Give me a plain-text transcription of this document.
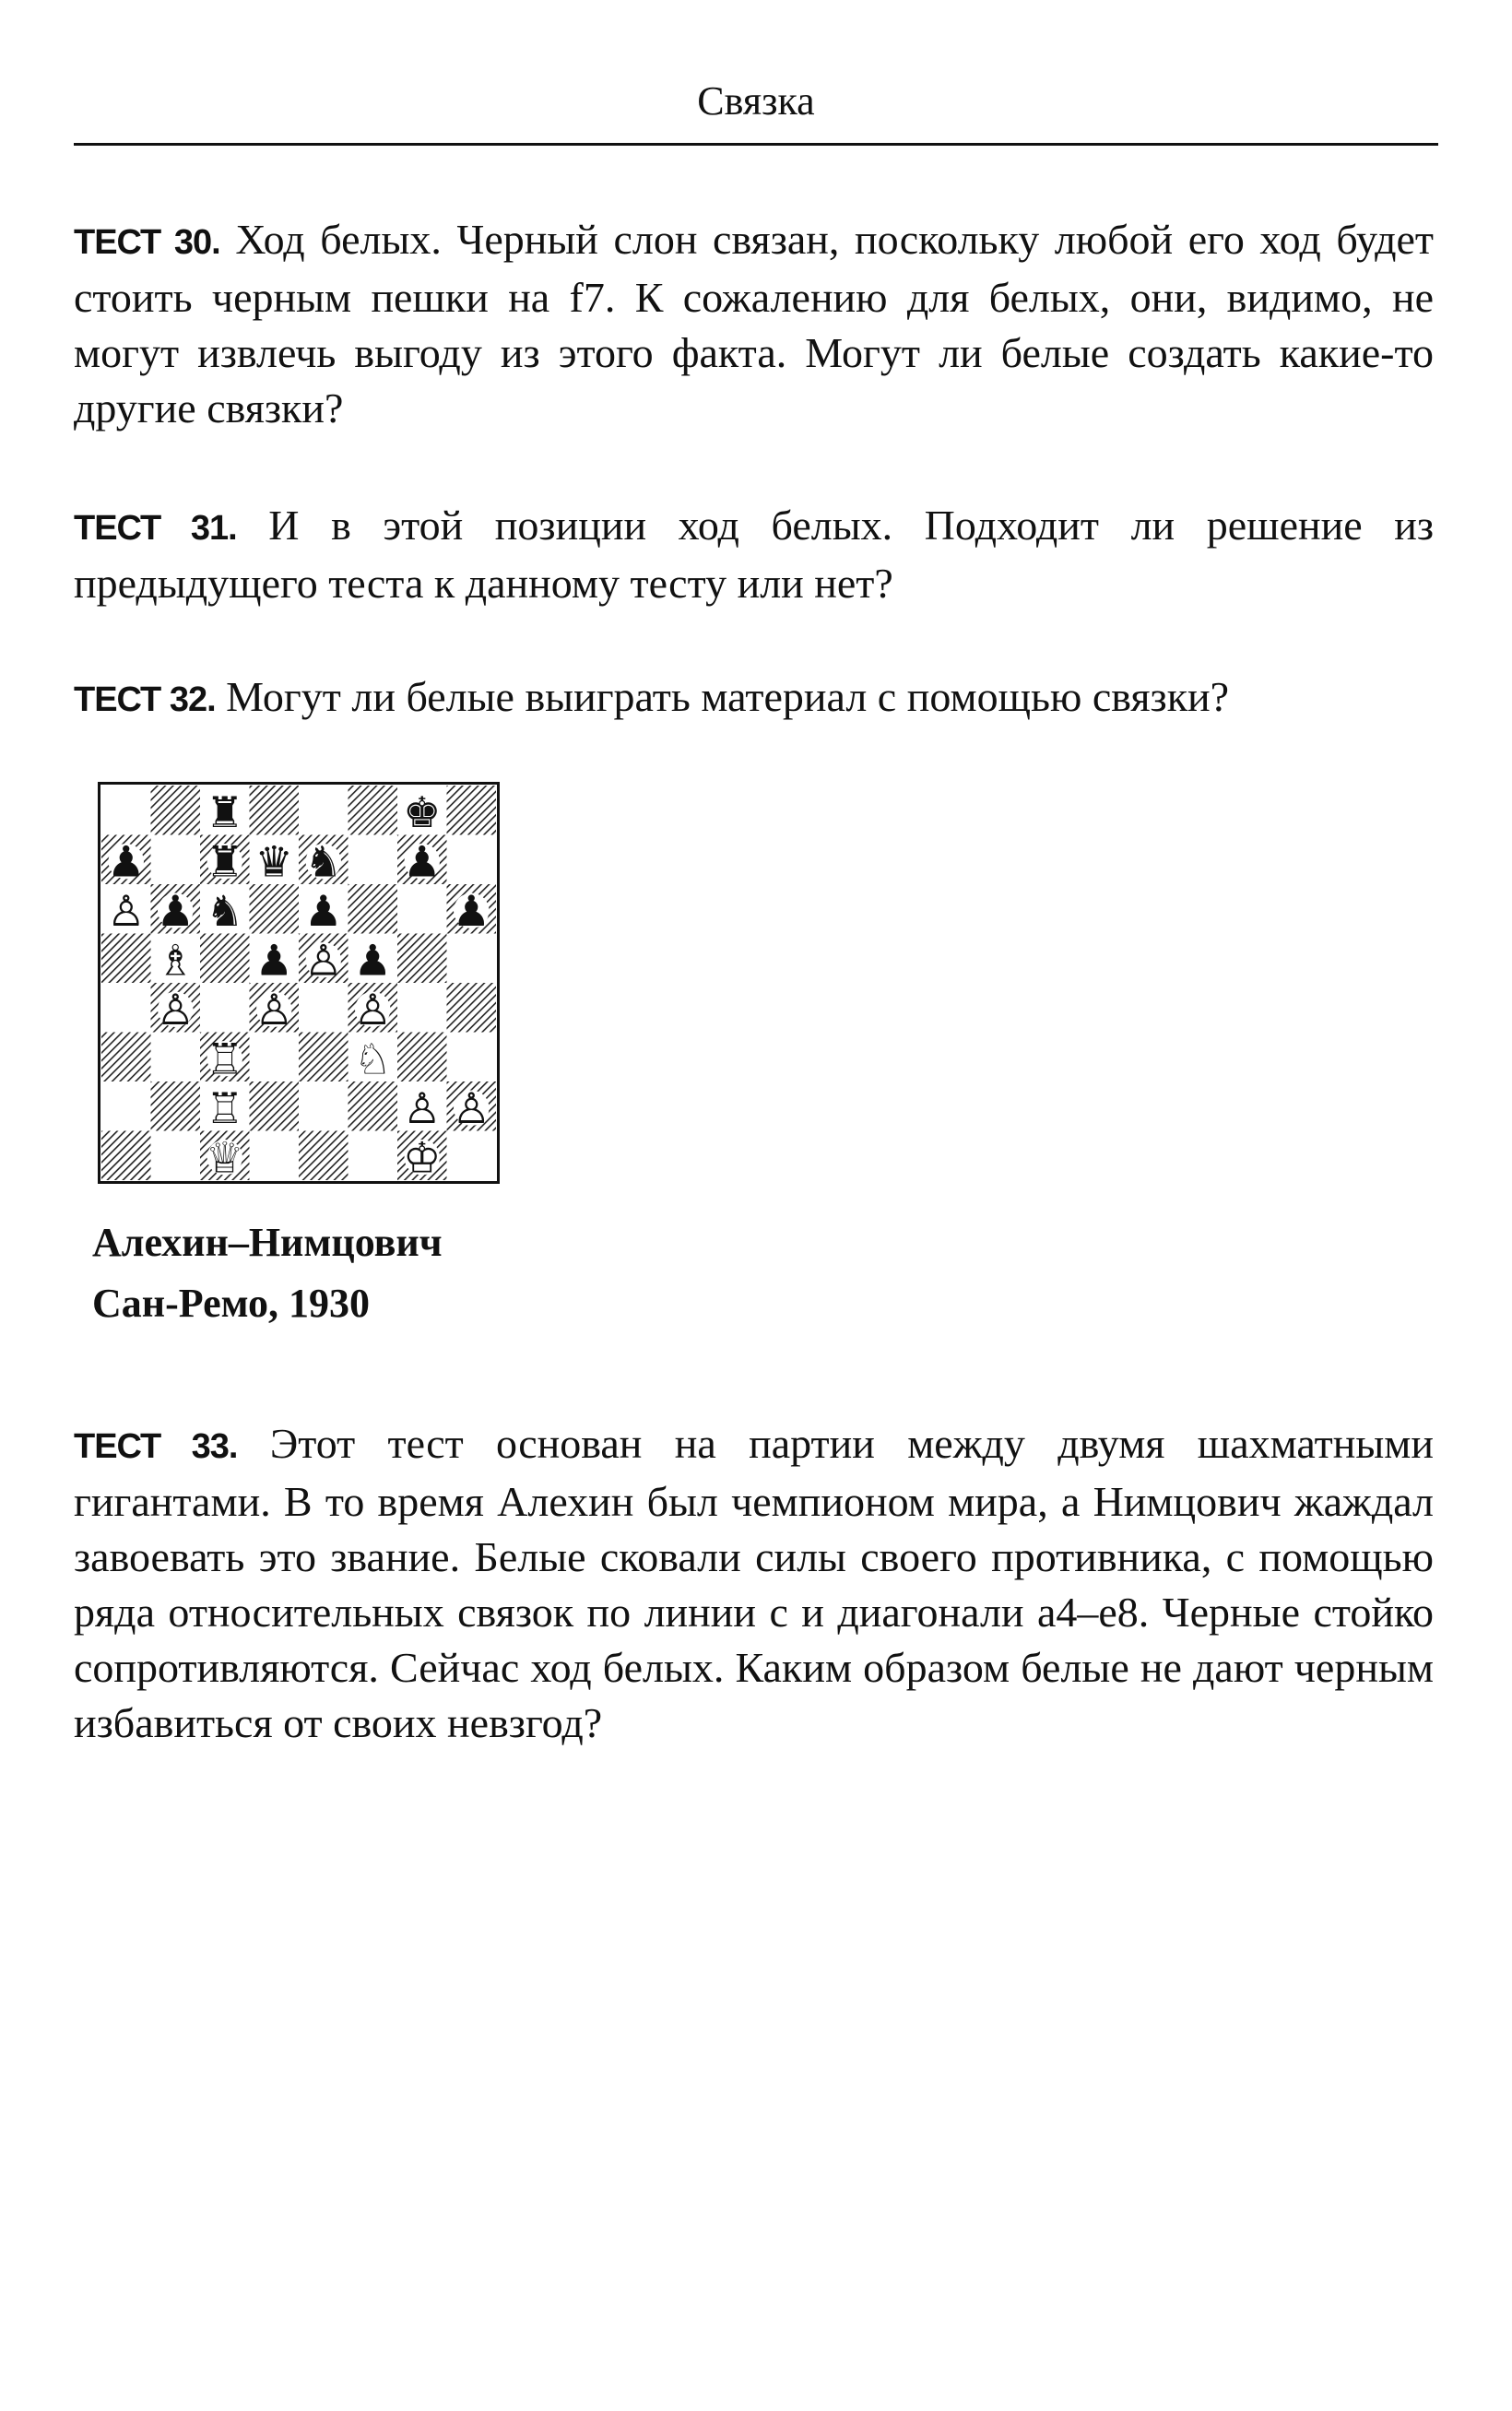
Связка

ТЕСТ 30. Ход белых. Черный слон связан, поскольку любой его ход будет стоить черным пешки на f7. К сожалению для белых, они, видимо, не могут извлечь выгоду из этого факта. Могут ли белые создать какие-то другие связки?

ТЕСТ 31. И в этой позиции ход белых. Подходит ли решение из предыдущего теста к данному тесту или нет?

ТЕСТ 32. Могут ли белые выиграть материал с помощью связки?

♜	♚
♟ ♜ ♛ ♞ ♟
♙ ♟ ♞ ♟	♟
♗ ♟ ♙ ♟
♙ ♙ ♙
♖	♘
♖	♙ ♙
♕	♔
Алехин–Нимцович
Сан-Ремо, 1930

ТЕСТ 33. Этот тест основан на партии между двумя шахматными гигантами. В то время Алехин был чемпионом мира, а Нимцович жаждал завоевать это звание. Белые сковали силы своего противника, с помощью ряда относительных связок по линии с и диагонали a4–e8. Черные стойко сопротивляются. Сейчас ход белых. Каким образом белые не дают черным избавиться от своих невзгод?
